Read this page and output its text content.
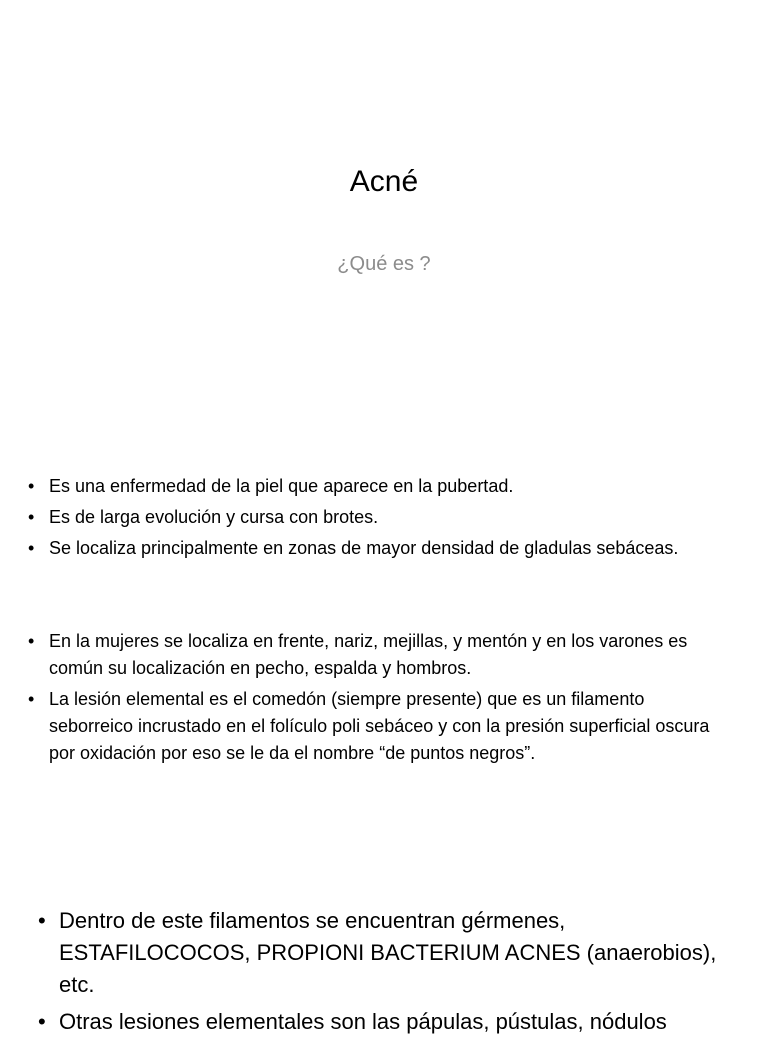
Acné
¿Qué es ?
• Es una enfermedad de la piel que aparece en la pubertad.
• Es de larga evolución y cursa con brotes.
• Se localiza principalmente en zonas de mayor densidad de gladulas sebáceas.
• En la mujeres se localiza en frente, nariz, mejillas, y mentón y en los varones es común su localización en pecho, espalda y hombros.
• La lesión elemental es el comedón (siempre presente) que es un filamento seborreico incrustado en el folículo poli sebáceo y con la presión superficial oscura por oxidación por eso se le da el nombre “de puntos negros”.
• Dentro de este filamentos se encuentran gérmenes, ESTAFILOCOCOS, PROPIONI BACTERIUM ACNES (anaerobios), etc.
• Otras lesiones elementales son las pápulas, pústulas, nódulos
